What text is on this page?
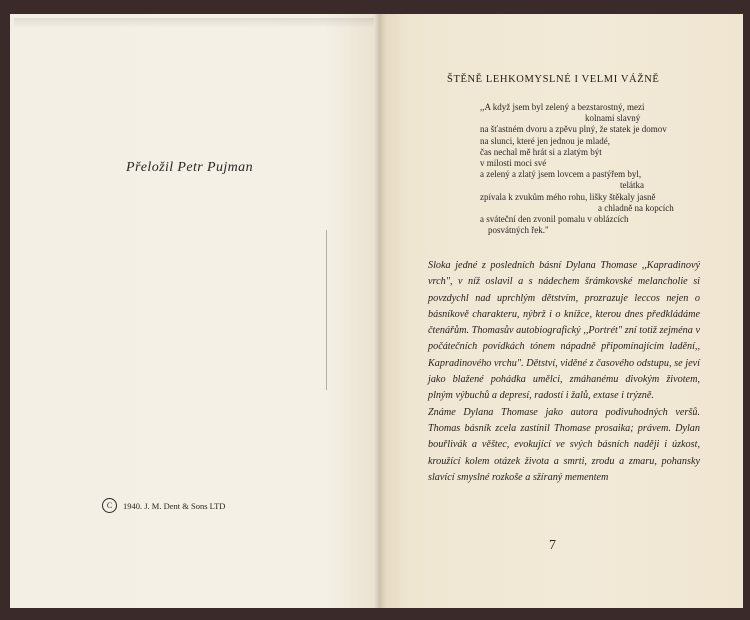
Přeložil Petr Pujman
C	1940. J. M. Dent & Sons LTD
ŠTĚNĚ LEHKOMYSLNÉ I VELMI VÁŽNĚ
,,A když jsem byl zelený a bezstarostný, mezi
kolnami slavný
na šťastném dvoru a zpěvu plný, že statek je domov
na slunci, které jen jednou je mladé,
čas nechal mě hrát si a zlatým být
v milosti moci své
a zelený a zlatý jsem lovcem a pastýřem byl,
telátka
zpívala k zvukům mého rohu, lišky štěkaly jasně
a chladně na kopcích
a sváteční den zvonil pomalu v oblázcích
posvátných řek."

Sloka jedné z posledních básní Dylana Thomase ,,Kapradinový vrch", v níž oslavil a s nádechem šrámkovské melancholie si povzdychl nad uprchlým dětstvím, prozrazuje leccos nejen o básníkově charakteru, nýbrž i o knížce, kterou dnes předkládáme čtenářům. Thomasův autobiografický ,,Portrét" zní totiž zejména v počátečních povídkách tónem nápadně připomínajícím ladění,, Kapradinového vrchu". Dětství, viděné z časového odstupu, se jeví jako blažené pohádka umělci, zmáhanému divokým životem, plným výbuchů a depresí, radostí i žalů, extase i trýzně.

Známe Dylana Thomase jako autora podivuhodných veršů. Thomas básník zcela zastínil Thomase prosaika; právem. Dylan bouřlivák a věštec, evokující ve svých básních naději i úzkost, kroužící kolem otázek života a smrti, zrodu a zmaru, pohansky slavící smyslné rozkoše a sžíraný mementem

7
